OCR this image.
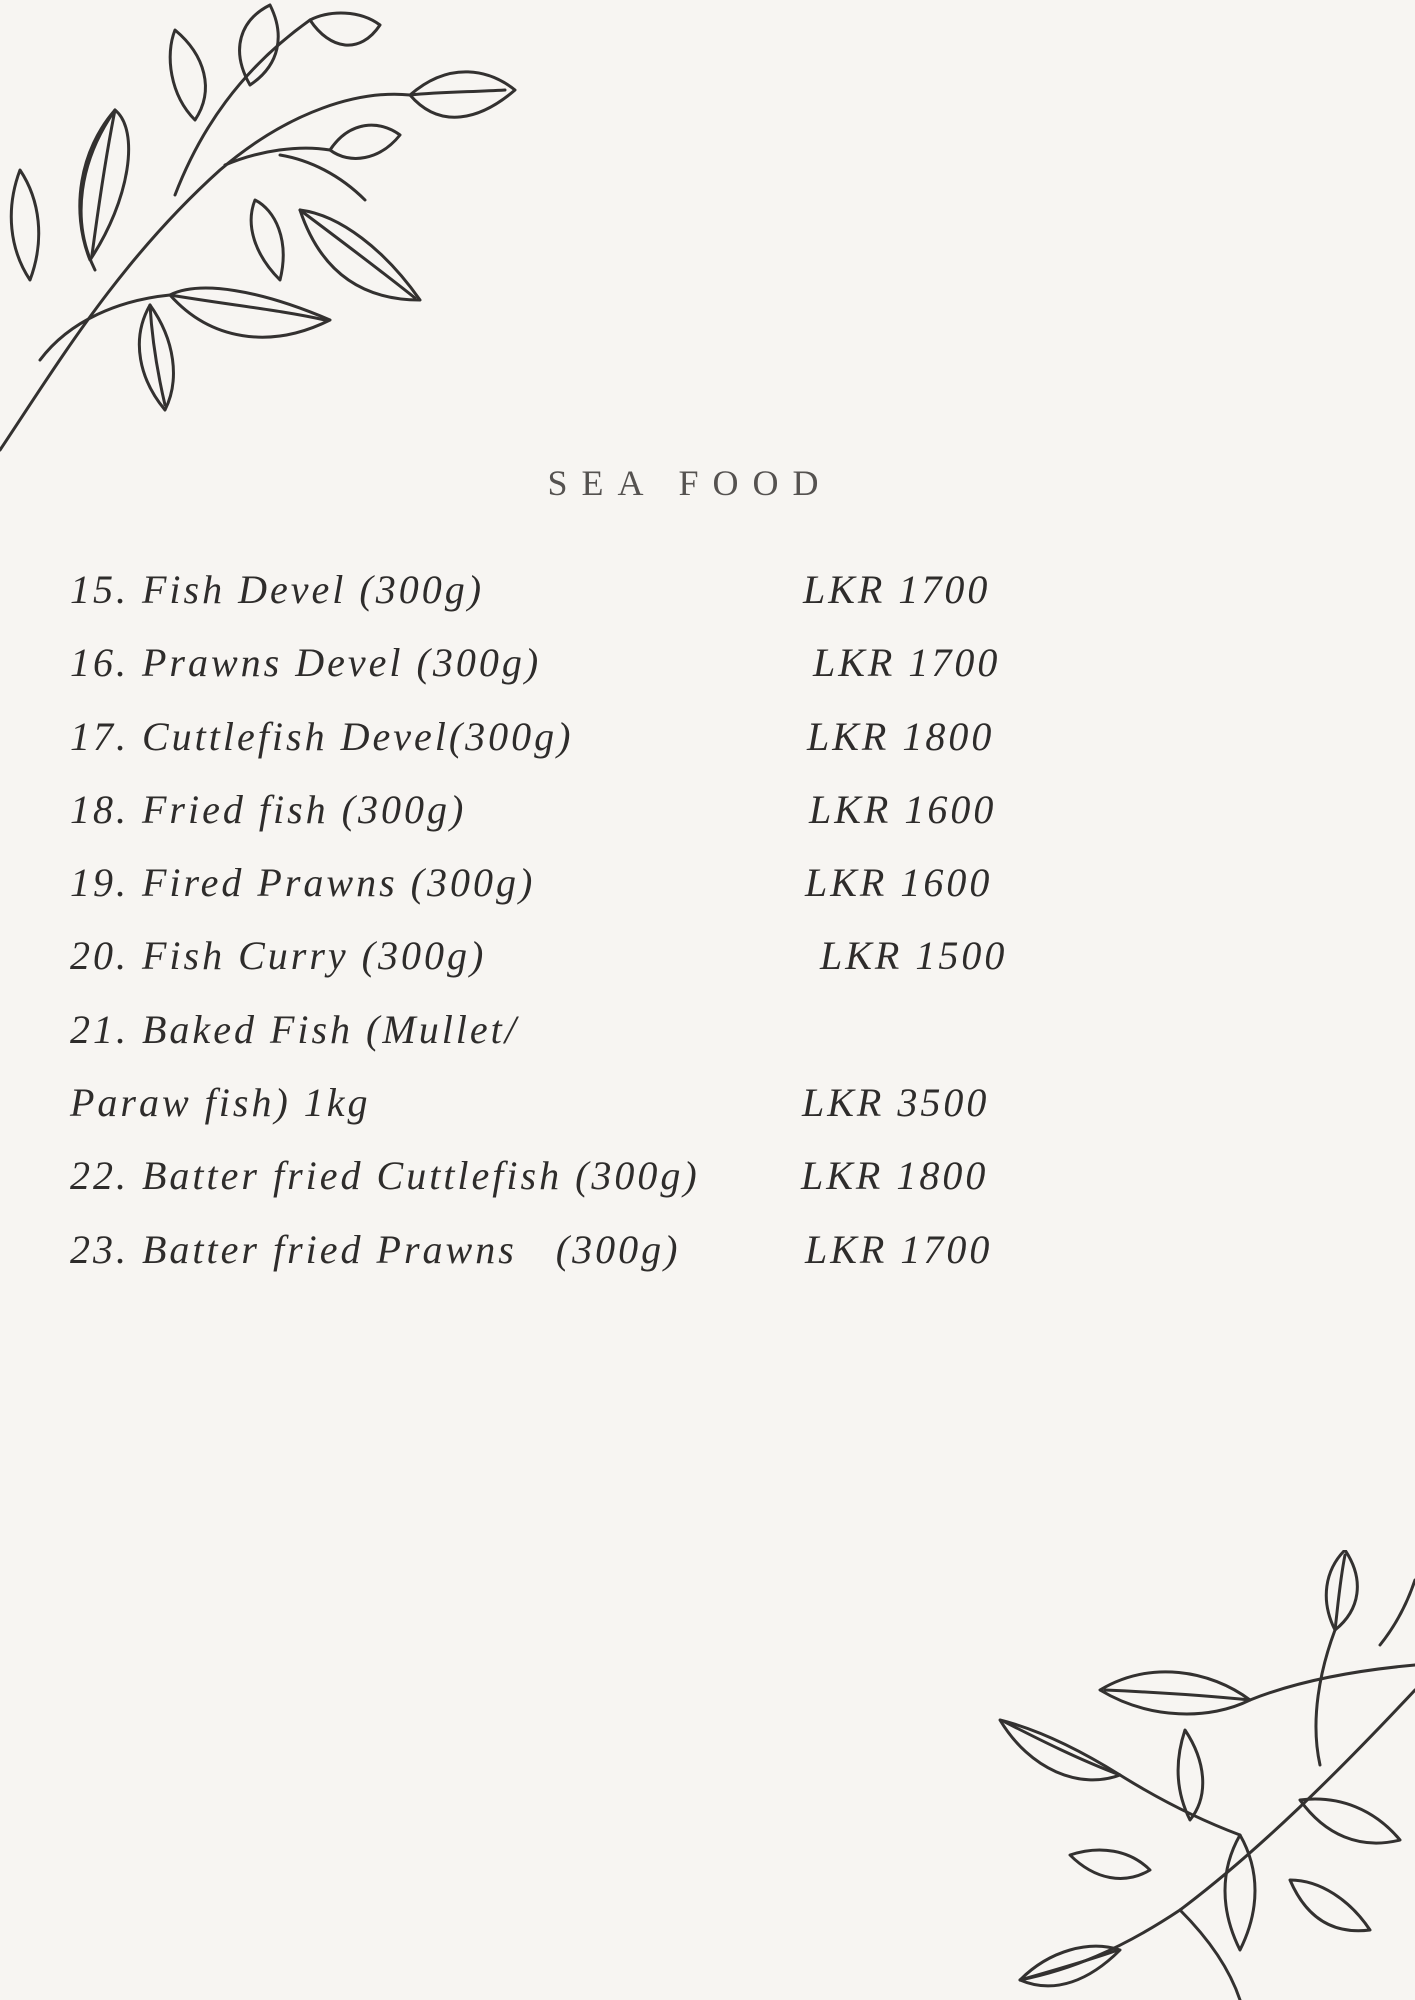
SEA FOOD
15. Fish Devel (300g)	LKR 1700
16. Prawns Devel (300g)	LKR 1700
17. Cuttlefish Devel(300g)	LKR 1800
18. Fried fish (300g)	LKR 1600
19. Fired Prawns (300g)	LKR 1600
20. Fish Curry (300g)	LKR 1500
21. Baked Fish (Mullet/
Paraw fish) 1kg	LKR 3500
22. Batter fried Cuttlefish (300g)	LKR 1800
23. Batter fried Prawns   (300g)	LKR 1700
